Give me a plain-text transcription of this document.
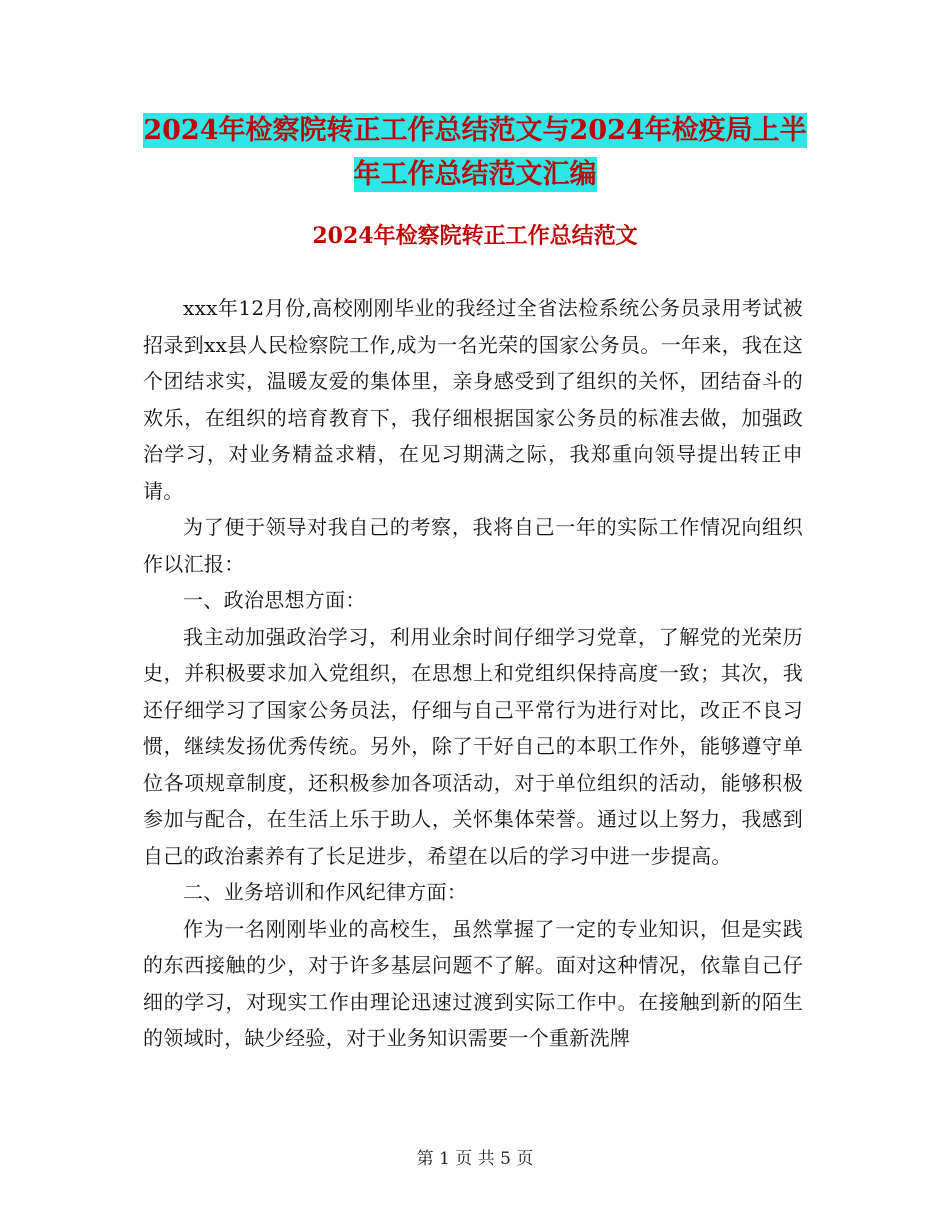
2024年检察院转正工作总结范文与2024年检疫局上半
年工作总结范文汇编
2024年检察院转正工作总结范文

xxx年12月份,高校刚刚毕业的我经过全省法检系统公务员录用考试被招录到xx县人民检察院工作,成为一名光荣的国家公务员。一年来，我在这个团结求实，温暖友爱的集体里，亲身感受到了组织的关怀，团结奋斗的欢乐，在组织的培育教育下，我仔细根据国家公务员的标准去做，加强政治学习，对业务精益求精，在见习期满之际，我郑重向领导提出转正申请。

为了便于领导对我自己的考察，我将自己一年的实际工作情况向组织作以汇报：

一、政治思想方面：

我主动加强政治学习，利用业余时间仔细学习党章，了解党的光荣历史，并积极要求加入党组织，在思想上和党组织保持高度一致；其次，我还仔细学习了国家公务员法，仔细与自己平常行为进行对比，改正不良习惯，继续发扬优秀传统。另外，除了干好自己的本职工作外，能够遵守单位各项规章制度，还积极参加各项活动，对于单位组织的活动，能够积极参加与配合，在生活上乐于助人，关怀集体荣誉。通过以上努力，我感到自己的政治素养有了长足进步，希望在以后的学习中进一步提高。

二、业务培训和作风纪律方面：

作为一名刚刚毕业的高校生，虽然掌握了一定的专业知识，但是实践的东西接触的少，对于许多基层问题不了解。面对这种情况，依靠自己仔细的学习，对现实工作由理论迅速过渡到实际工作中。在接触到新的陌生的领域时，缺少经验，对于业务知识需要一个重新洗牌

第 1 页 共 5 页
